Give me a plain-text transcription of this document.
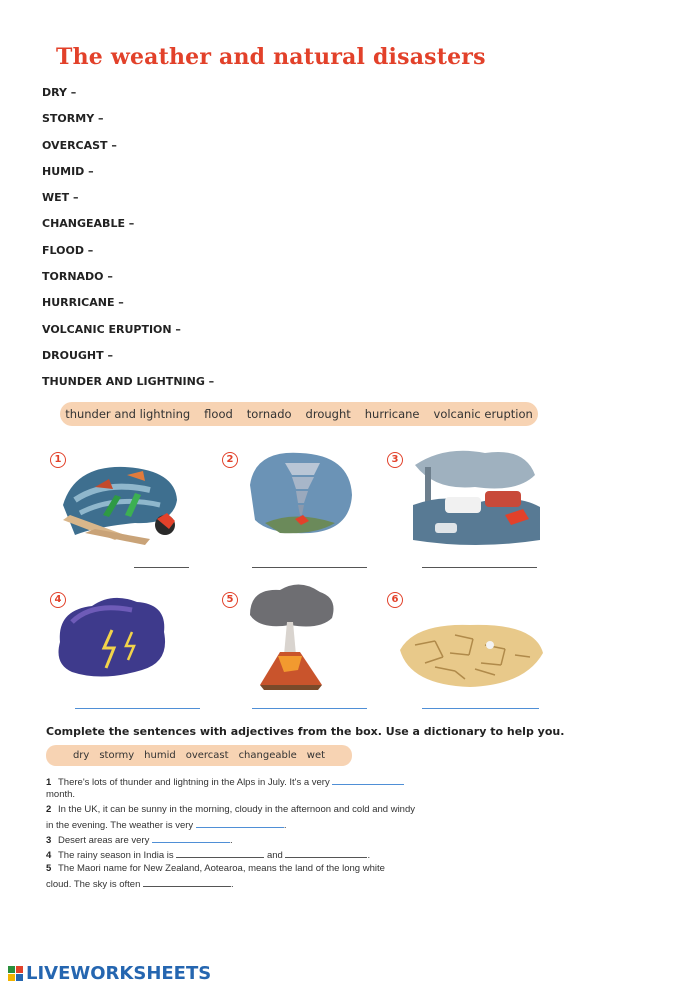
The weather and natural disasters
DRY –
STORMY –
OVERCAST –
HUMID –
WET –
CHANGEABLE –
FLOOD –
TORNADO –
HURRICANE –
VOLCANIC ERUPTION –
DROUGHT –
THUNDER AND LIGHTNING –
thunder and lightning flood tornado drought hurricane volcanic eruption
1	2	3
4	5	6
Complete the sentences with adjectives from the box. Use a dictionary to help you.
dry stormy humid overcast changeable wet
1 There's lots of thunder and lightning in the Alps in July. It's a very
month.
2 In the UK, it can be sunny in the morning, cloudy in the afternoon and cold and windy
in the evening. The weather is very	.
3 Desert areas are very	.
4 The rainy season in India is	and	.
5 The Maori name for New Zealand, Aotearoa, means the land of the long white
cloud. The sky is often	.
LIVEWORKSHEETS
